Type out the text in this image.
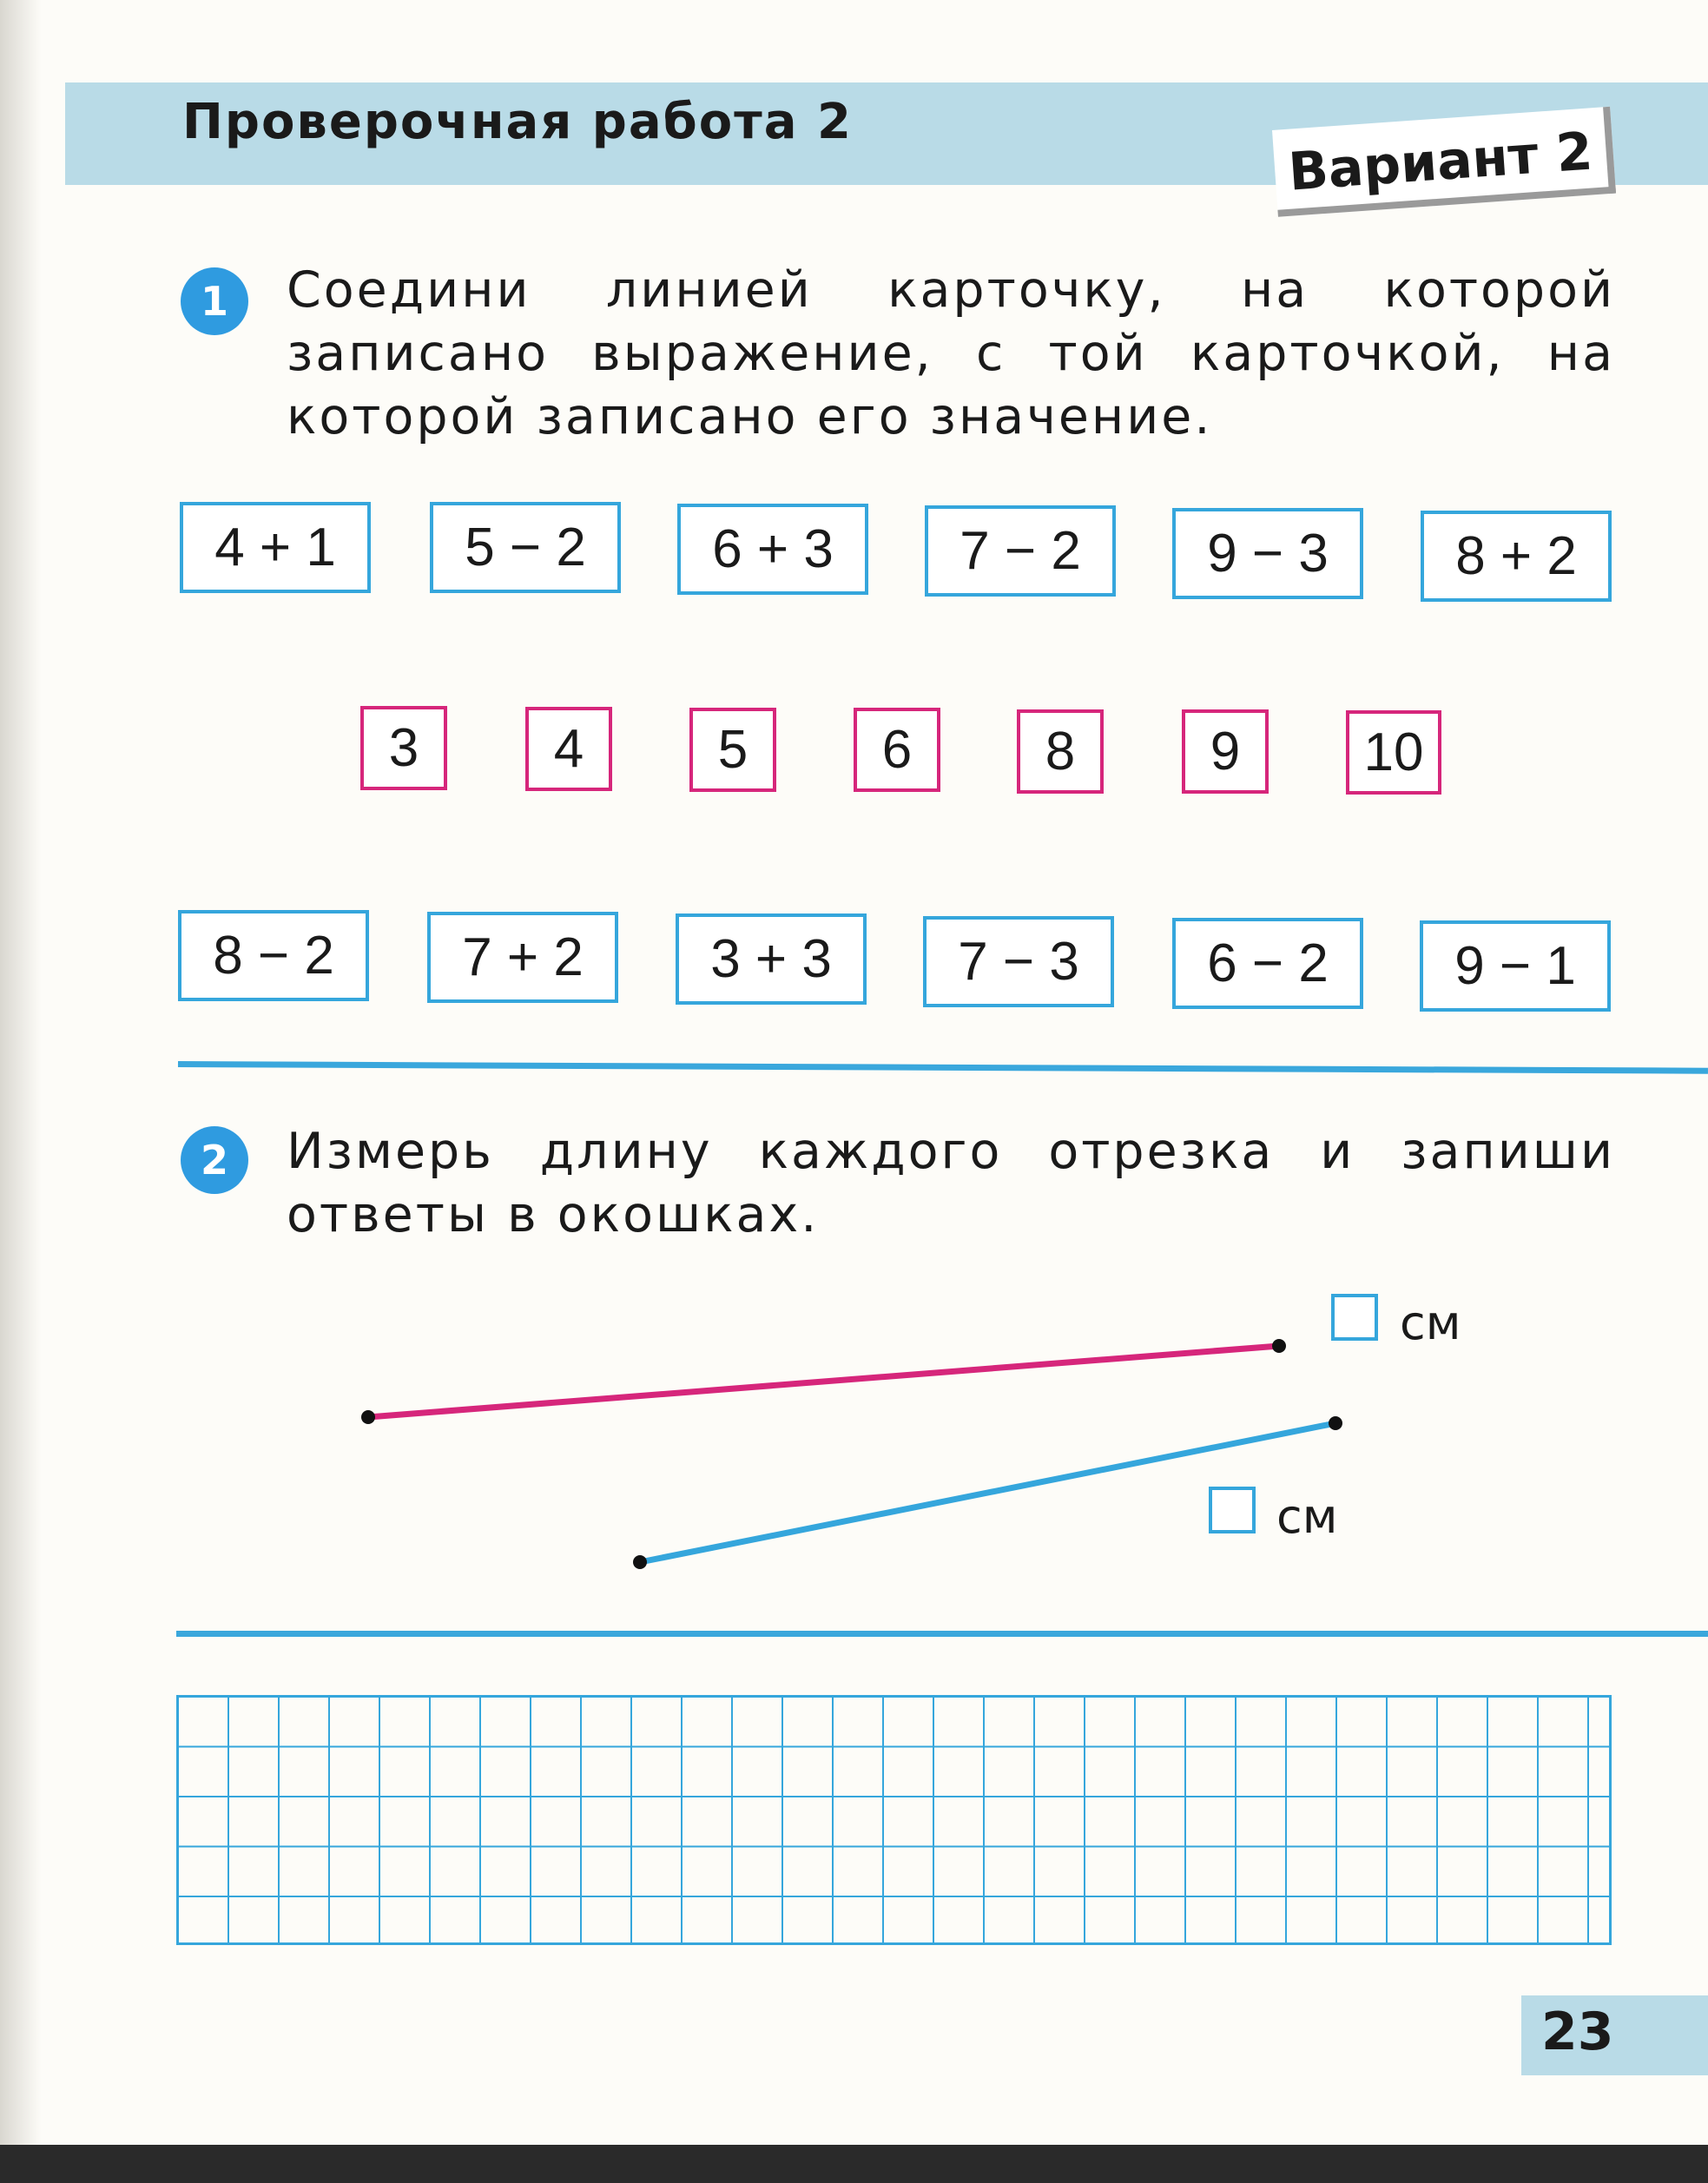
Проверочная работа 2	Вариант 2
1	Соедини линией карточку, на которой записано выражение, с той карточкой, на которой записано его значение.
4 + 1	5 − 2	6 + 3	7 − 2	9 − 3	8 + 2
3	4	5	6	8	9	10
8 − 2	7 + 2	3 + 3	7 − 3	6 − 2	9 − 1
2	Измерь длину каждого отрезка и запиши ответы в окошках.
см
см
23
